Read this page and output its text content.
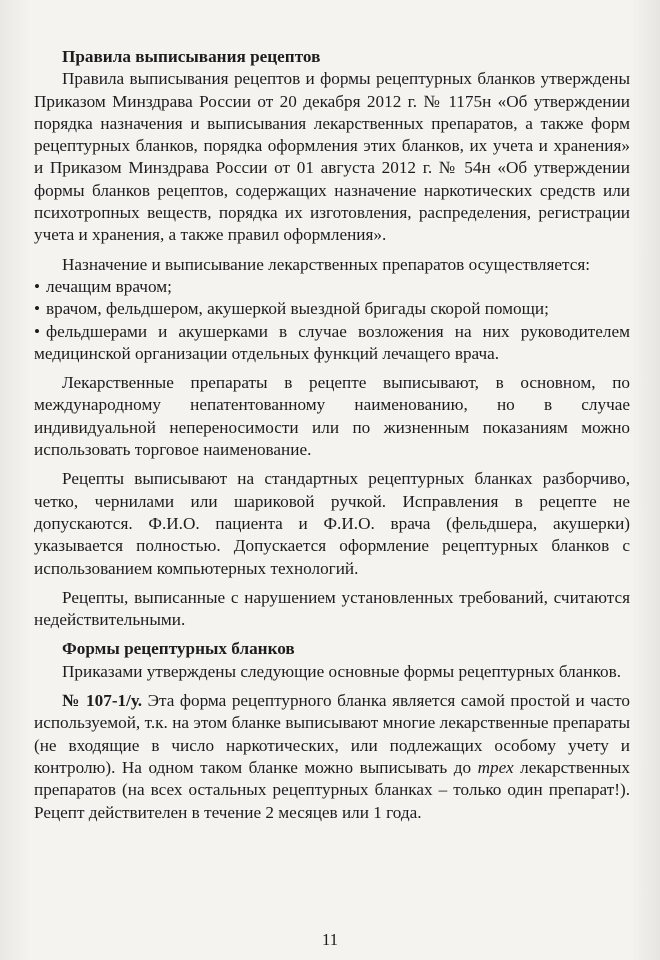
Правила выписывания рецептов

Правила выписывания рецептов и формы рецептурных бланков утверждены Приказом Минздрава России от 20 декабря 2012 г. № 1175н «Об утверждении порядка назначения и выписывания лекарственных препаратов, а также форм рецептурных бланков, порядка оформления этих бланков, их учета и хранения» и Приказом Минздрава России от 01 августа 2012 г. № 54н «Об утверждении формы бланков рецептов, содержащих назначение наркотических средств или психотропных веществ, порядка их изготовления, распределения, регистрации учета и хранения, а также правил оформления».

Назначение и выписывание лекарственных препаратов осуществляется:

• лечащим врачом;

• врачом, фельдшером, акушеркой выездной бригады скорой помощи;

• фельдшерами и акушерками в случае возложения на них руководителем медицинской организации отдельных функций лечащего врача.

Лекарственные препараты в рецепте выписывают, в основном, по международному непатентованному наименованию, но в случае индивидуальной непереносимости или по жизненным показаниям можно использовать торговое наименование.

Рецепты выписывают на стандартных рецептурных бланках разборчиво, четко, чернилами или шариковой ручкой. Исправления в рецепте не допускаются. Ф.И.О. пациента и Ф.И.О. врача (фельдшера, акушерки) указывается полностью. Допускается оформление рецептурных бланков с использованием компьютерных технологий.

Рецепты, выписанные с нарушением установленных требований, считаются недействительными.

Формы рецептурных бланков

Приказами утверждены следующие основные формы рецептурных бланков.

№ 107-1/у. Эта форма рецептурного бланка является самой простой и часто используемой, т.к. на этом бланке выписывают многие лекарственные препараты (не входящие в число наркотических, или подлежащих особому учету и контролю). На одном таком бланке можно выписывать до трех лекарственных препаратов (на всех остальных рецептурных бланках – только один препарат!). Рецепт действителен в течение 2 месяцев или 1 года.

11
